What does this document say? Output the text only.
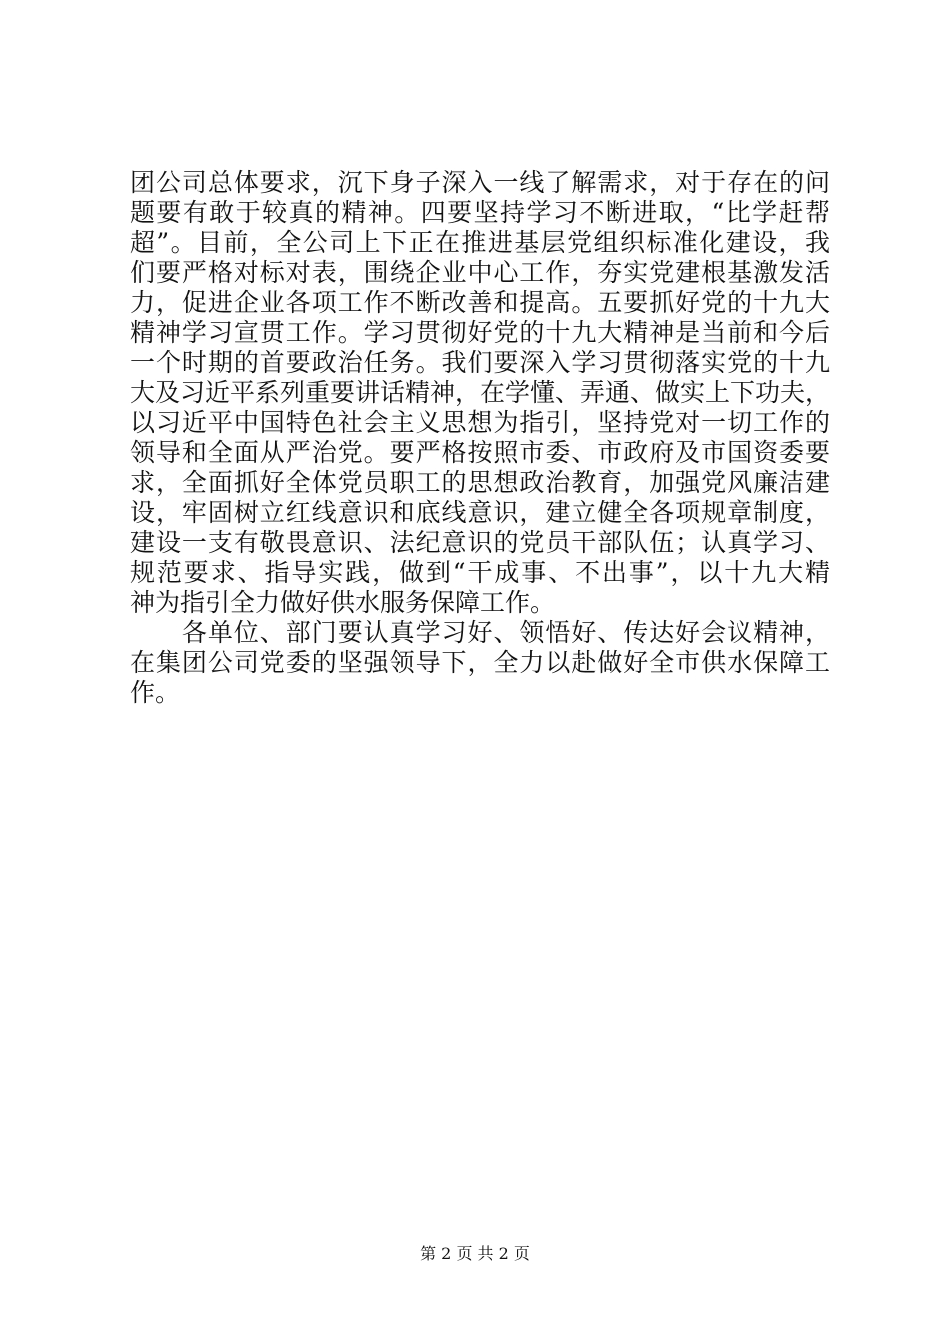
团公司总体要求，沉下身子深入一线了解需求，对于存在的问
题要有敢于较真的精神。四要坚持学习不断进取，“比学赶帮
超”。目前，全公司上下正在推进基层党组织标准化建设，我
们要严格对标对表，围绕企业中心工作，夯实党建根基激发活
力，促进企业各项工作不断改善和提高。五要抓好党的十九大
精神学习宣贯工作。学习贯彻好党的十九大精神是当前和今后
一个时期的首要政治任务。我们要深入学习贯彻落实党的十九
大及习近平系列重要讲话精神，在学懂、弄通、做实上下功夫，
以习近平中国特色社会主义思想为指引，坚持党对一切工作的
领导和全面从严治党。要严格按照市委、市政府及市国资委要
求，全面抓好全体党员职工的思想政治教育，加强党风廉洁建
设，牢固树立红线意识和底线意识，建立健全各项规章制度，
建设一支有敬畏意识、法纪意识的党员干部队伍；认真学习、
规范要求、指导实践，做到“干成事、不出事”，以十九大精
神为指引全力做好供水服务保障工作。
　　各单位、部门要认真学习好、领悟好、传达好会议精神，
在集团公司党委的坚强领导下，全力以赴做好全市供水保障工
作。
第 2 页 共 2 页
